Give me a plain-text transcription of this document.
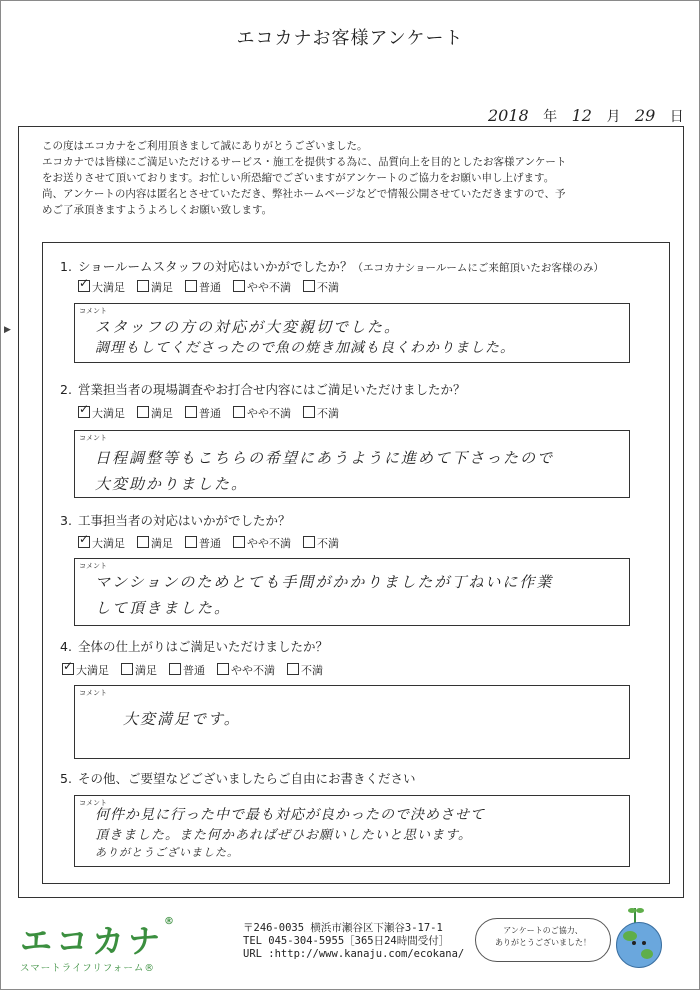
エコカナお客様アンケート
2018 年 12 月 29 日
▶
この度はエコカナをご利用頂きまして誠にありがとうございました。
エコカナでは皆様にご満足いただけるサービス・施工を提供する為に、品質向上を目的としたお客様アンケート
をお送りさせて頂いております。お忙しい所恐縮でございますがアンケートのご協力をお願い申し上げます。
尚、アンケートの内容は匿名とさせていただき、弊社ホームページなどで情報公開させていただきますので、予
めご了承頂きますようよろしくお願い致します。
1. ショールームスタッフの対応はいかがでしたか？（エコカナショールームにご来館頂いたお客様のみ）
✓大満足 満足 普通 やや不満 不満
コメント
スタッフの方の対応が大変親切でした。
調理もしてくださったので魚の焼き加減も良くわかりました。
2. 営業担当者の現場調査やお打合せ内容にはご満足いただけましたか？
✓大満足 満足 普通 やや不満 不満
コメント
日程調整等もこちらの希望にあうように進めて下さったので
大変助かりました。
3. 工事担当者の対応はいかがでしたか？
✓大満足 満足 普通 やや不満 不満
コメント
マンションのためとても手間がかかりましたが丁ねいに作業
して頂きました。
4. 全体の仕上がりはご満足いただけましたか？
✓大満足 満足 普通 やや不満 不満
コメント
大変満足です。
5. その他、ご要望などございましたらご自由にお書きください
コメント
何件か見に行った中で最も対応が良かったので決めさせて
頂きました。また何かあればぜひお願いしたいと思います。
ありがとうございました。
エコカナ®
スマートライフリフォーム®
〒246-0035 横浜市瀬谷区下瀬谷3-17-1
TEL 045-304-5955［365日24時間受付］
URL :http://www.kanaju.com/ecokana/
アンケートのご協力、
ありがとうございました！
